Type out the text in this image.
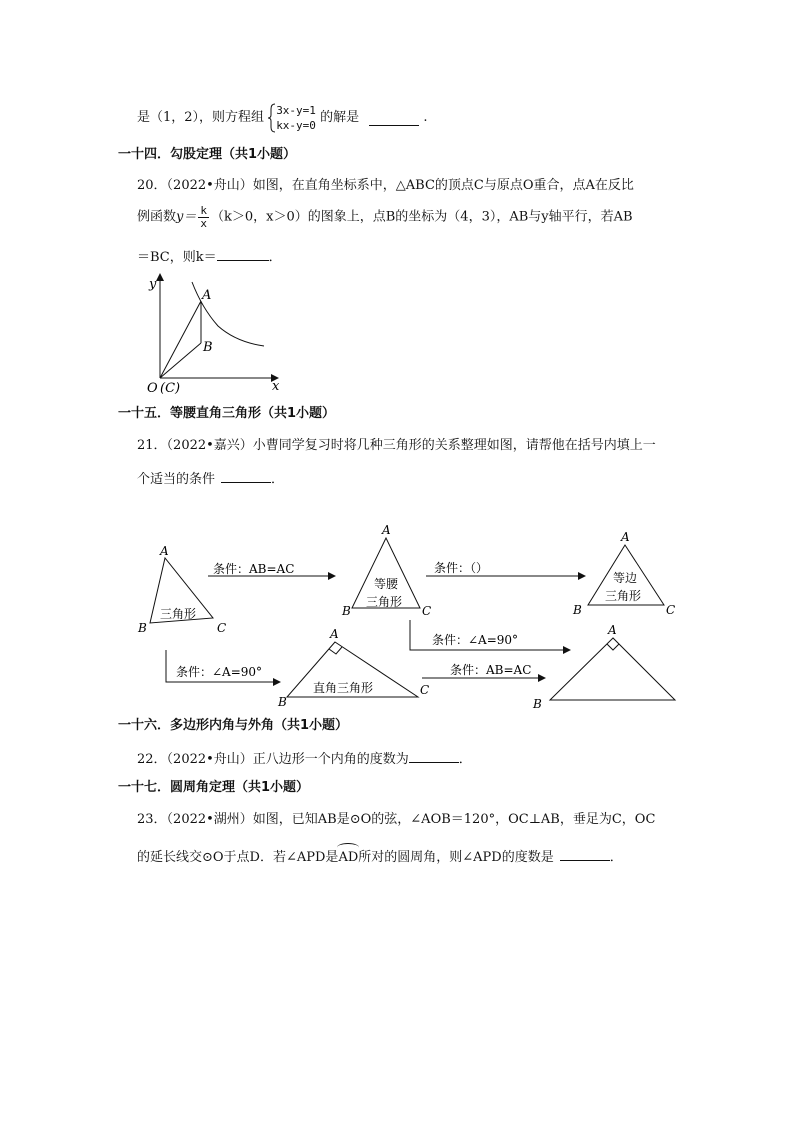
是（1，2），则方程组 3x-y=1
kx-y=0
的解是	.
一十四．勾股定理（共1小题）
20．（2022•舟山）如图，在直角坐标系中，△ABC的顶点C与原点O重合，点A在反比
例函数$y= \frac{k}{x} (k>0$，x＞0）的图象上，点B的坐标为（4，3），AB与y轴平行，若AB
＝BC，则k＝	．
y
x
A
B
O (C)
一十五．等腰直角三角形（共1小题）
21．（2022•嘉兴）小曹同学复习时将几种三角形的关系整理如图，请帮他在括号内填上一
个适当的条件	．
A
B	C
三角形
条件：AB=AC
A
B	C
等腰
三角形
条件：（）
A
B	C
等边
三角形
条件：∠A=90°
条件：∠A=90°
A
B
C
直角三角形
条件：AB=AC
A
B
一十六．多边形内角与外角（共1小题）
22．（2022•舟山）正八边形一个内角的度数为	．
一十七．圆周角定理（共1小题）
23．（2022•湖州）如图，已知AB是⊙O的弦，∠AOB＝120°，OC⊥AB，垂足为C，OC
的延长线交⊙O于点D．若∠APD是AD所对的圆周角，则∠APD的度数是	．
